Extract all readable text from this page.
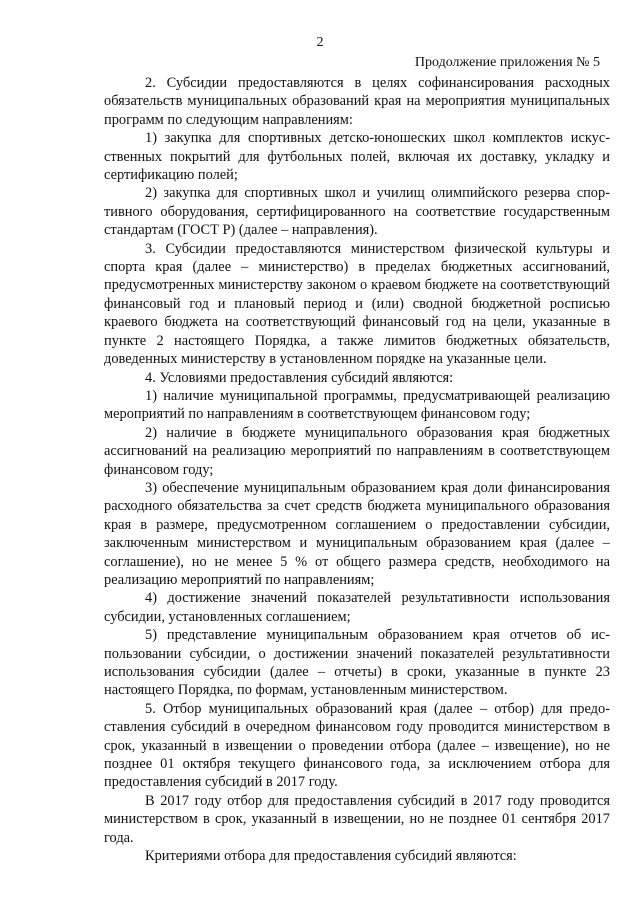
2
Продолжение приложения № 5

2. Субсидии предоставляются в целях софинансирования расходных обязательств муниципальных образований края на мероприятия муниципальных программ по следующим направлениям:

1) закупка для спортивных детско-юношеских школ комплектов искусственных покрытий для футбольных полей, включая их доставку, укладку и сертификацию полей;

2) закупка для спортивных школ и училищ олимпийского резерва спортивного оборудования, сертифицированного на соответствие государственным стандартам (ГОСТ Р) (далее – направления).

3. Субсидии предоставляются министерством физической культуры и спорта края (далее – министерство) в пределах бюджетных ассигнований, предусмотренных министерству законом о краевом бюджете на соответствующий финансовый год и плановый период и (или) сводной бюджетной росписью краевого бюджета на соответствующий финансовый год на цели, указанные в пункте 2 настоящего Порядка, а также лимитов бюджетных обязательств, доведенных министерству в установленном порядке на указанные цели.

4. Условиями предоставления субсидий являются:

1) наличие муниципальной программы, предусматривающей реализацию мероприятий по направлениям в соответствующем финансовом году;

2) наличие в бюджете муниципального образования края бюджетных ассигнований на реализацию мероприятий по направлениям в соответствующем финансовом году;

3) обеспечение муниципальным образованием края доли финансирования расходного обязательства за счет средств бюджета муниципального образования края в размере, предусмотренном соглашением о предоставлении субсидии, заключенным министерством и муниципальным образованием края (далее – соглашение), но не менее 5 % от общего размера средств, необходимого на реализацию мероприятий по направлениям;

4) достижение значений показателей результативности использования субсидии, установленных соглашением;

5) представление муниципальным образованием края отчетов об использовании субсидии, о достижении значений показателей результативности использования субсидии (далее – отчеты) в сроки, указанные в пункте 23 настоящего Порядка, по формам, установленным министерством.

5. Отбор муниципальных образований края (далее – отбор) для предоставления субсидий в очередном финансовом году проводится министерством в срок, указанный в извещении о проведении отбора (далее – извещение), но не позднее 01 октября текущего финансового года, за исключением отбора для предоставления субсидий в 2017 году.

В 2017 году отбор для предоставления субсидий в 2017 году проводится министерством в срок, указанный в извещении, но не позднее 01 сентября 2017 года.

Критериями отбора для предоставления субсидий являются:
